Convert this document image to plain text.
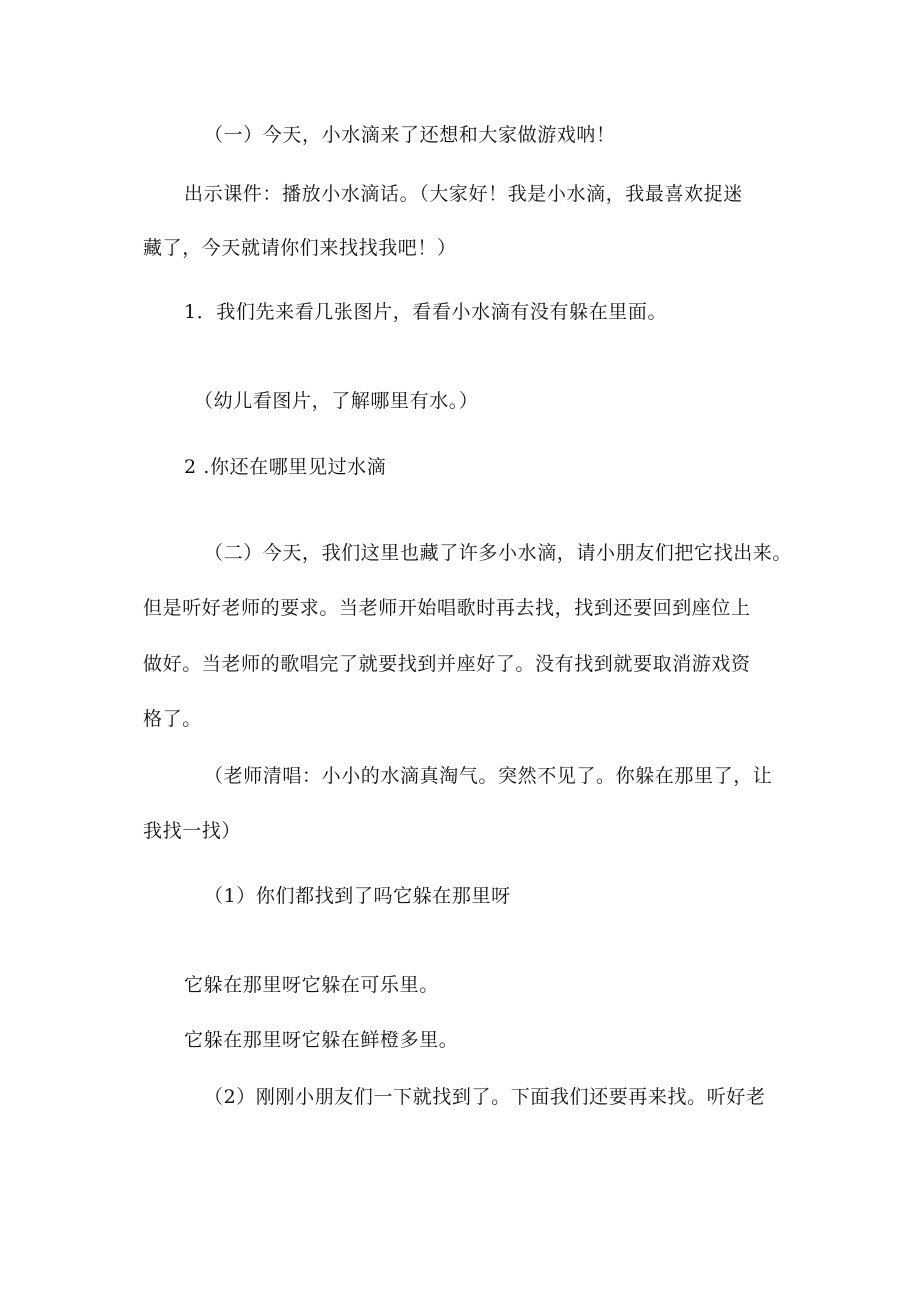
（一）今天，小水滴来了还想和大家做游戏呐！
出示课件：播放小水滴话。（大家好！我是小水滴，我最喜欢捉迷
藏了，今天就请你们来找找我吧！）
1．我们先来看几张图片，看看小水滴有没有躲在里面。
（幼儿看图片，了解哪里有水。）
2 .你还在哪里见过水滴
（二）今天，我们这里也藏了许多小水滴，请小朋友们把它找出来。
但是听好老师的要求。当老师开始唱歌时再去找，找到还要回到座位上
做好。当老师的歌唱完了就要找到并座好了。没有找到就要取消游戏资
格了。
（老师清唱：小小的水滴真淘气。突然不见了。你躲在那里了，让
我找一找）
（1）你们都找到了吗它躲在那里呀
它躲在那里呀它躲在可乐里。
它躲在那里呀它躲在鲜橙多里。
（2）刚刚小朋友们一下就找到了。下面我们还要再来找。听好老
